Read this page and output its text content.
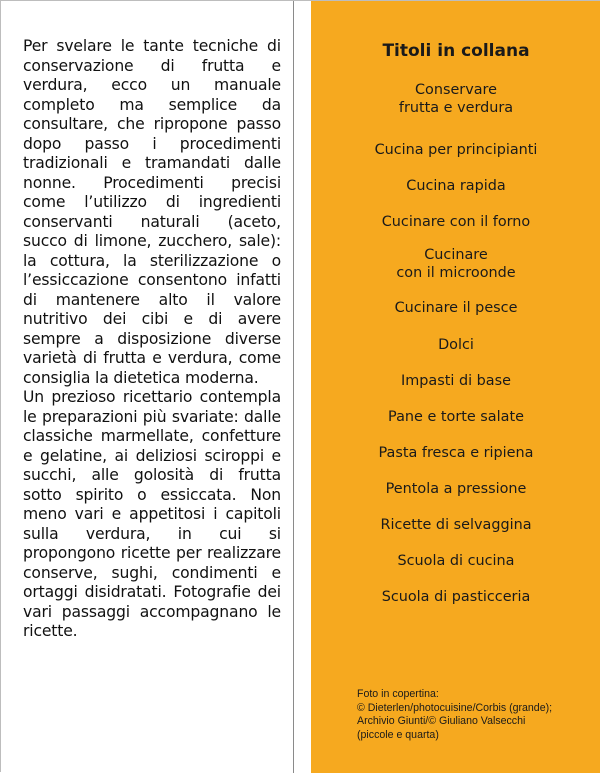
Per svelare le tante tecniche di conservazione di frutta e verdura, ecco un manuale completo ma semplice da consultare, che ripropone passo dopo passo i procedimenti tradizionali e tramandati dalle nonne. Procedimenti precisi come l’utilizzo di ingredienti conservanti naturali (aceto, succo di limone, zucchero, sale): la cottura, la sterilizzazione o l’essiccazione consentono infatti di mantenere alto il valore nutritivo dei cibi e di avere sempre a disposizione diverse varietà di frutta e verdura, come consiglia la dietetica moderna.

Un prezioso ricettario contempla le preparazioni più svariate: dalle classiche marmellate, confetture e gelatine, ai deliziosi sciroppi e succhi, alle golosità di frutta sotto spirito o essiccata. Non meno vari e appetitosi i capitoli sulla verdura, in cui si propongono ricette per realizzare conserve, sughi, condimenti e ortaggi disidratati. Fotografie dei vari passaggi accompagnano le ricette.

Titoli in collana
Conservare
frutta e verdura
Cucina per principianti
Cucina rapida
Cucinare con il forno
Cucinare
con il microonde
Cucinare il pesce
Dolci
Impasti di base
Pane e torte salate
Pasta fresca e ripiena
Pentola a pressione
Ricette di selvaggina
Scuola di cucina
Scuola di pasticceria
Foto in copertina:
© Dieterlen/photocuisine/Corbis (grande);
Archivio Giunti/© Giuliano Valsecchi
(piccole e quarta)
